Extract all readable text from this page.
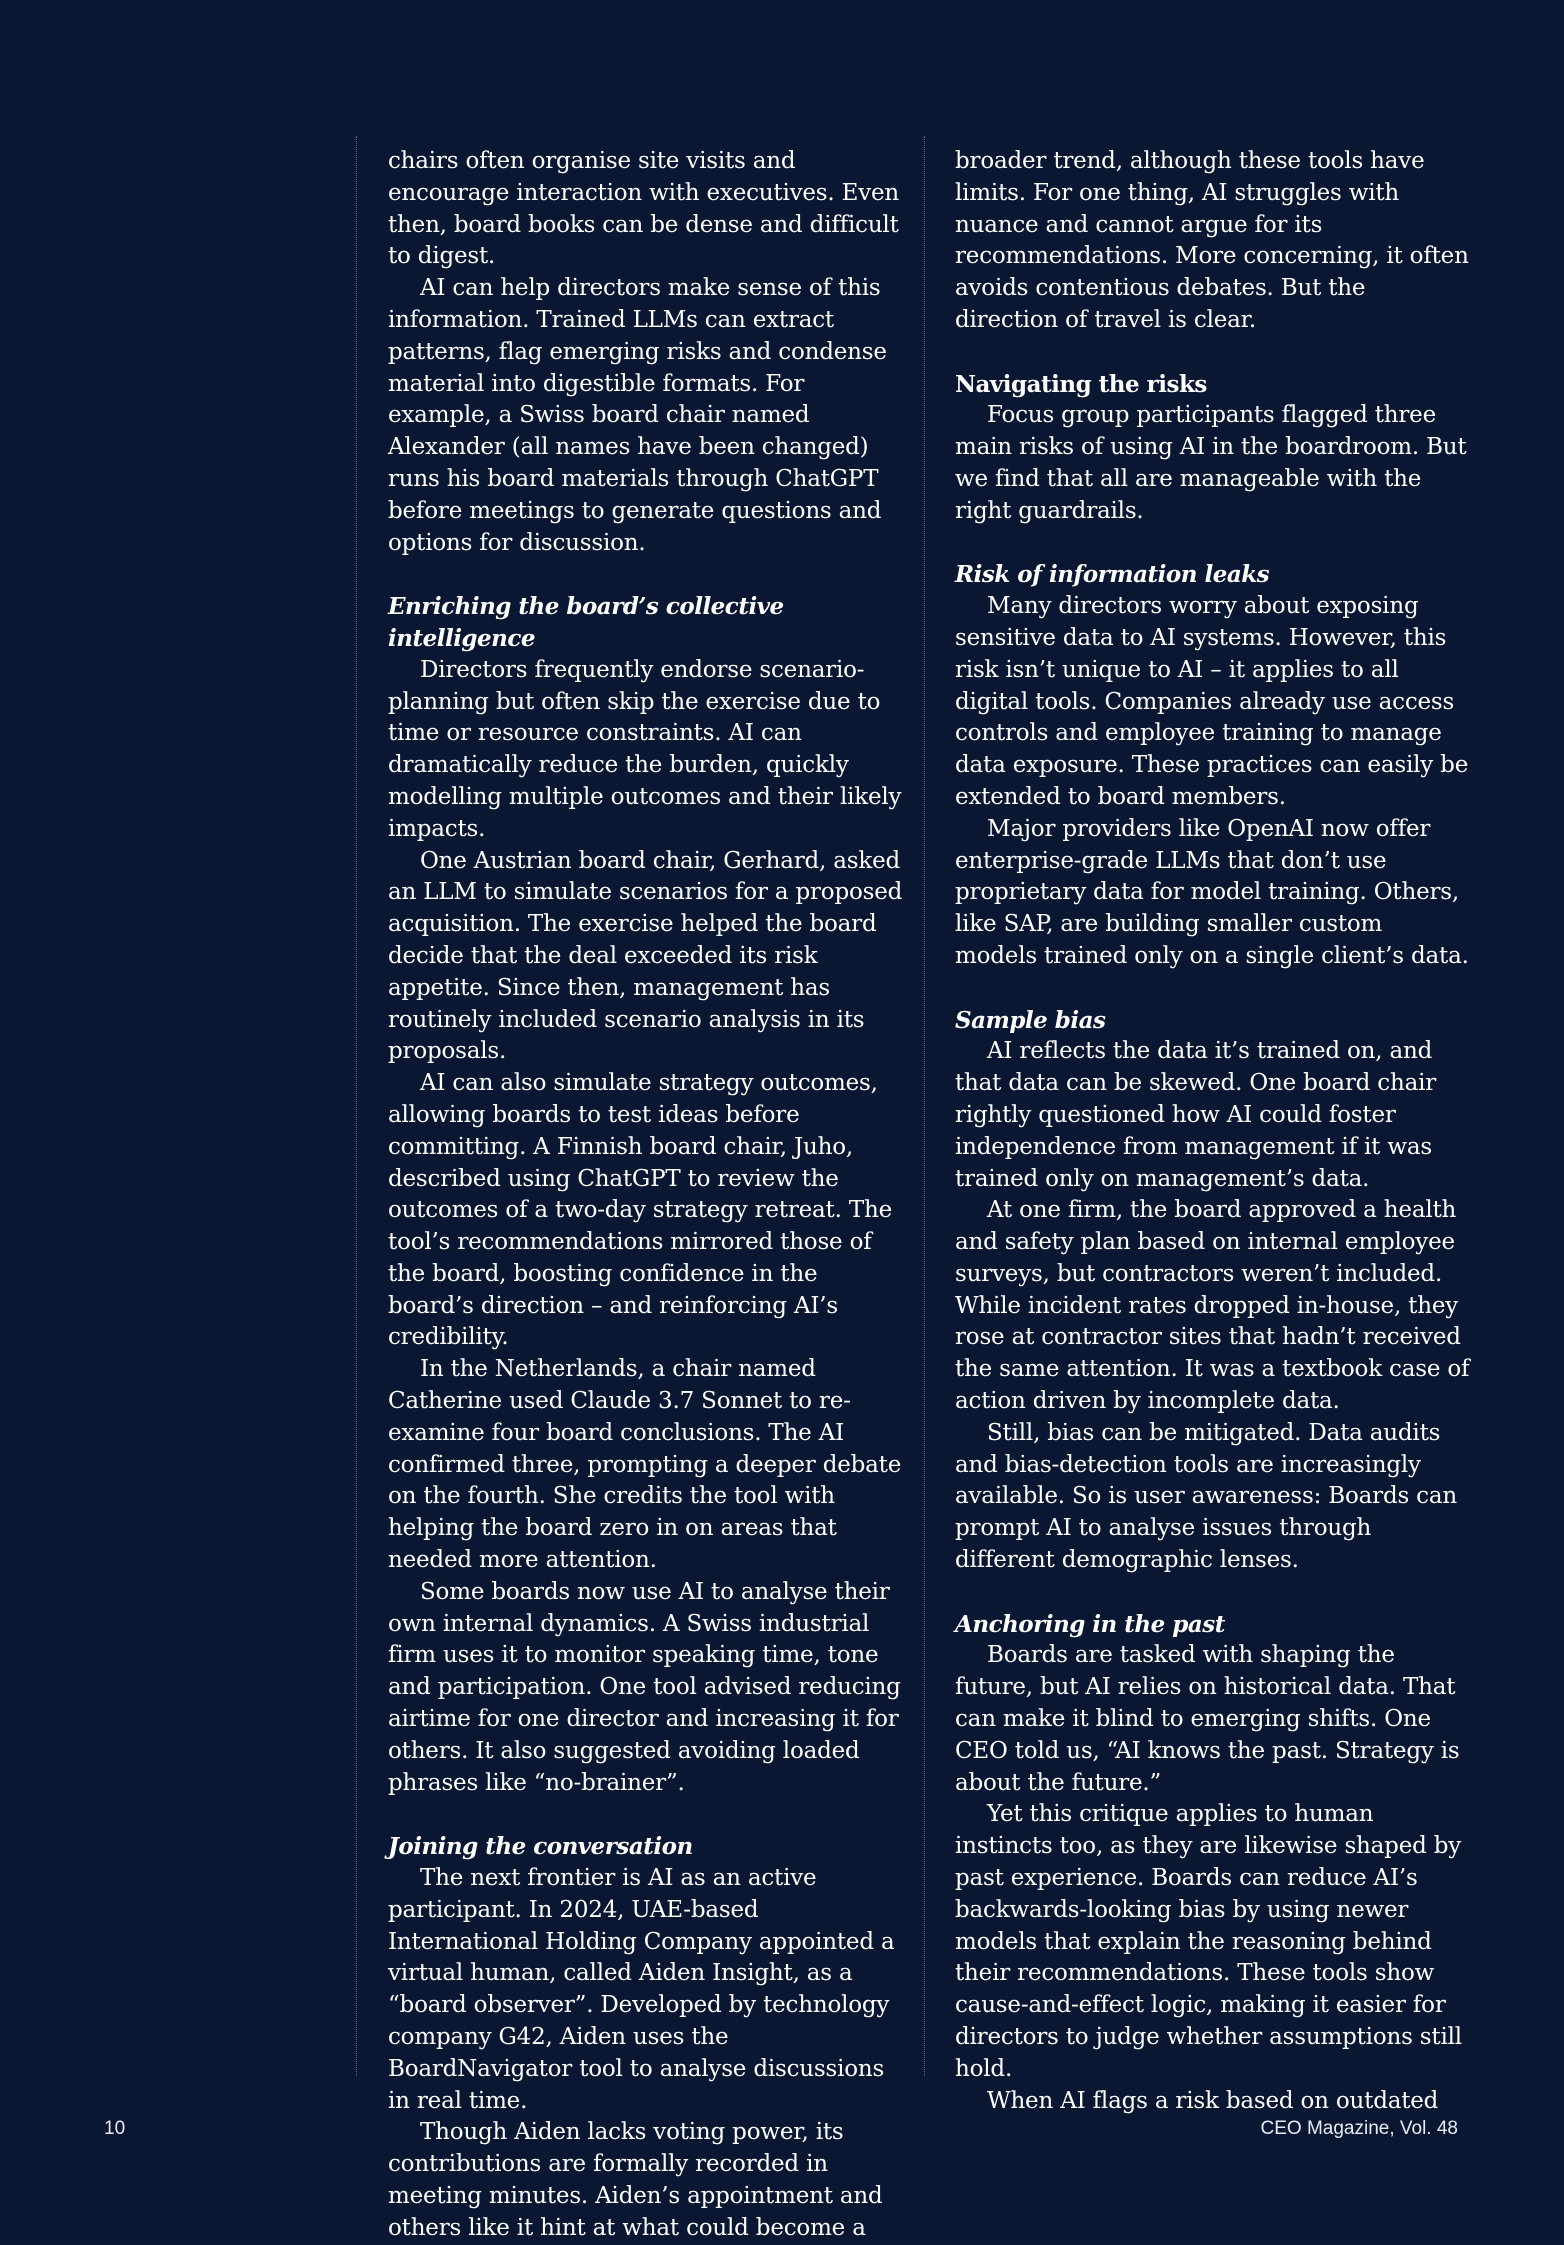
chairs often organise site visits and encourage interaction with executives. Even then, board books can be dense and difficult to digest.

AI can help directors make sense of this information. Trained LLMs can extract patterns, flag emerging risks and condense material into digestible formats. For example, a Swiss board chair named Alexander (all names have been changed) runs his board materials through ChatGPT before meetings to generate questions and options for discussion.

Enriching the board’s collective intelligence

Directors frequently endorse scenario-planning but often skip the exercise due to time or resource constraints. AI can dramatically reduce the burden, quickly modelling multiple outcomes and their likely impacts.

One Austrian board chair, Gerhard, asked an LLM to simulate scenarios for a proposed acquisition. The exercise helped the board decide that the deal exceeded its risk appetite. Since then, management has routinely included scenario analysis in its proposals.

AI can also simulate strategy outcomes, allowing boards to test ideas before committing. A Finnish board chair, Juho, described using ChatGPT to review the outcomes of a two-day strategy retreat. The tool’s recommendations mirrored those of the board, boosting confidence in the board’s direction – and reinforcing AI’s credibility.

In the Netherlands, a chair named Catherine used Claude 3.7 Sonnet to re-examine four board conclusions. The AI confirmed three, prompting a deeper debate on the fourth. She credits the tool with helping the board zero in on areas that needed more attention.

Some boards now use AI to analyse their own internal dynamics. A Swiss industrial firm uses it to monitor speaking time, tone and participation. One tool advised reducing airtime for one director and increasing it for others. It also suggested avoiding loaded phrases like “no-brainer”.

Joining the conversation

The next frontier is AI as an active participant. In 2024, UAE-based International Holding Company appointed a virtual human, called Aiden Insight, as a “board observer”. Developed by technology company G42, Aiden uses the BoardNavigator tool to analyse discussions in real time.

Though Aiden lacks voting power, its contributions are formally recorded in meeting minutes. Aiden’s appointment and others like it hint at what could become a

broader trend, although these tools have limits. For one thing, AI struggles with nuance and cannot argue for its recommendations. More concerning, it often avoids contentious debates. But the direction of travel is clear.

Navigating the risks

Focus group participants flagged three main risks of using AI in the boardroom. But we find that all are manageable with the right guardrails.

Risk of information leaks

Many directors worry about exposing sensitive data to AI systems. However, this risk isn’t unique to AI – it applies to all digital tools. Companies already use access controls and employee training to manage data exposure. These practices can easily be extended to board members.

Major providers like OpenAI now offer enterprise-grade LLMs that don’t use proprietary data for model training. Others, like SAP, are building smaller custom models trained only on a single client’s data.

Sample bias

AI reflects the data it’s trained on, and that data can be skewed. One board chair rightly questioned how AI could foster independence from management if it was trained only on management’s data.

At one firm, the board approved a health and safety plan based on internal employee surveys, but contractors weren’t included. While incident rates dropped in-house, they rose at contractor sites that hadn’t received the same attention. It was a textbook case of action driven by incomplete data.

Still, bias can be mitigated. Data audits and bias-detection tools are increasingly available. So is user awareness: Boards can prompt AI to analyse issues through different demographic lenses.

Anchoring in the past

Boards are tasked with shaping the future, but AI relies on historical data. That can make it blind to emerging shifts. One CEO told us, “AI knows the past. Strategy is about the future.”

Yet this critique applies to human instincts too, as they are likewise shaped by past experience. Boards can reduce AI’s backwards-looking bias by using newer models that explain the reasoning behind their recommendations. These tools show cause-and-effect logic, making it easier for directors to judge whether assumptions still hold.

When AI flags a risk based on outdated

10	CEO Magazine, Vol. 48
